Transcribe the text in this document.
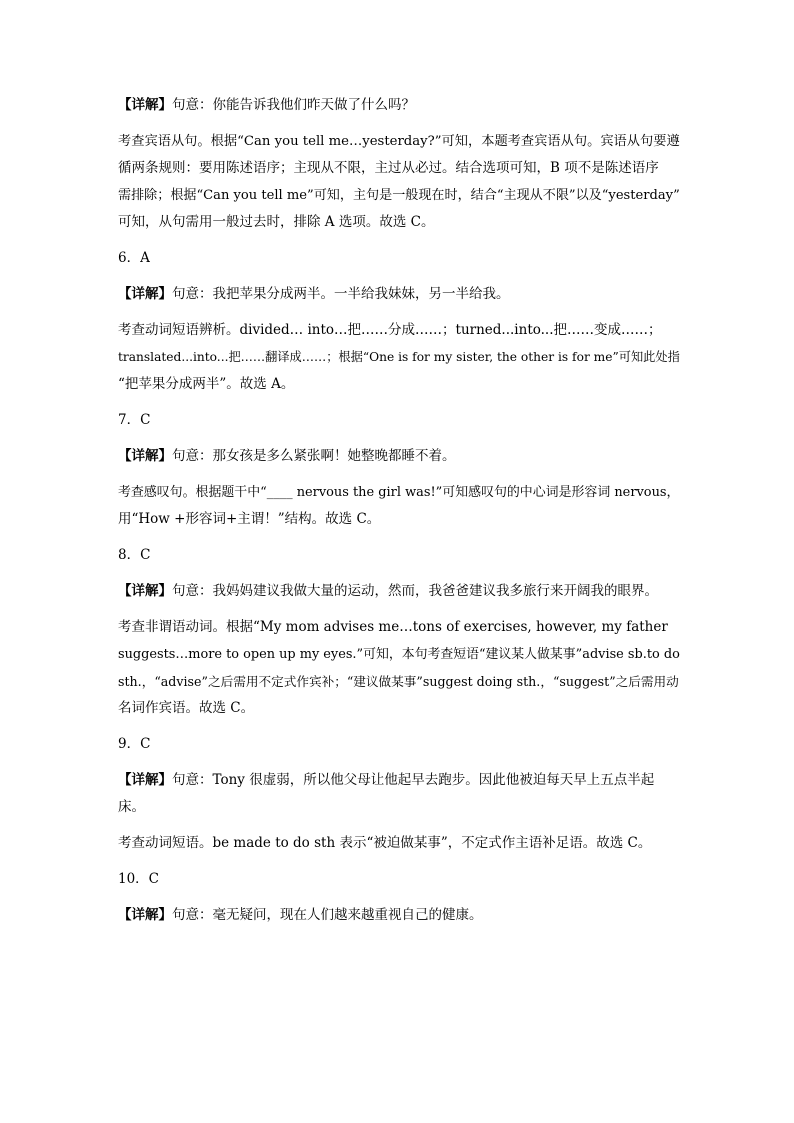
【详解】句意：你能告诉我他们昨天做了什么吗？
考查宾语从句。根据“Can you tell me…yesterday?”可知，本题考查宾语从句。宾语从句要遵
循两条规则：要用陈述语序；主现从不限，主过从必过。结合选项可知，B 项不是陈述语序
需排除；根据“Can you tell me”可知，主句是一般现在时，结合“主现从不限”以及“yesterday”
可知，从句需用一般过去时，排除 A 选项。故选 C。
6．A
【详解】句意：我把苹果分成两半。一半给我妹妹，另一半给我。
考查动词短语辨析。divided… into…把……分成……；turned...into...把……变成……；
translated...into...把……翻译成……；根据“One is for my sister, the other is for me”可知此处指
“把苹果分成两半”。故选 A。
7．C
【详解】句意：那女孩是多么紧张啊！她整晚都睡不着。
考查感叹句。根据题干中“____ nervous the girl was!”可知感叹句的中心词是形容词 nervous，
用“How +形容词+主谓！”结构。故选 C。
8．C
【详解】句意：我妈妈建议我做大量的运动，然而，我爸爸建议我多旅行来开阔我的眼界。
考查非谓语动词。根据“My mom advises me…tons of exercises, however, my father
suggests…more to open up my eyes.”可知，本句考查短语“建议某人做某事”advise sb.to do
sth.，“advise”之后需用不定式作宾补；“建议做某事”suggest doing sth.，“suggest”之后需用动
名词作宾语。故选 C。
9．C
【详解】句意：Tony 很虚弱，所以他父母让他起早去跑步。因此他被迫每天早上五点半起
床。
考查动词短语。be made to do sth 表示“被迫做某事”，不定式作主语补足语。故选 C。
10．C
【详解】句意：毫无疑问，现在人们越来越重视自己的健康。
